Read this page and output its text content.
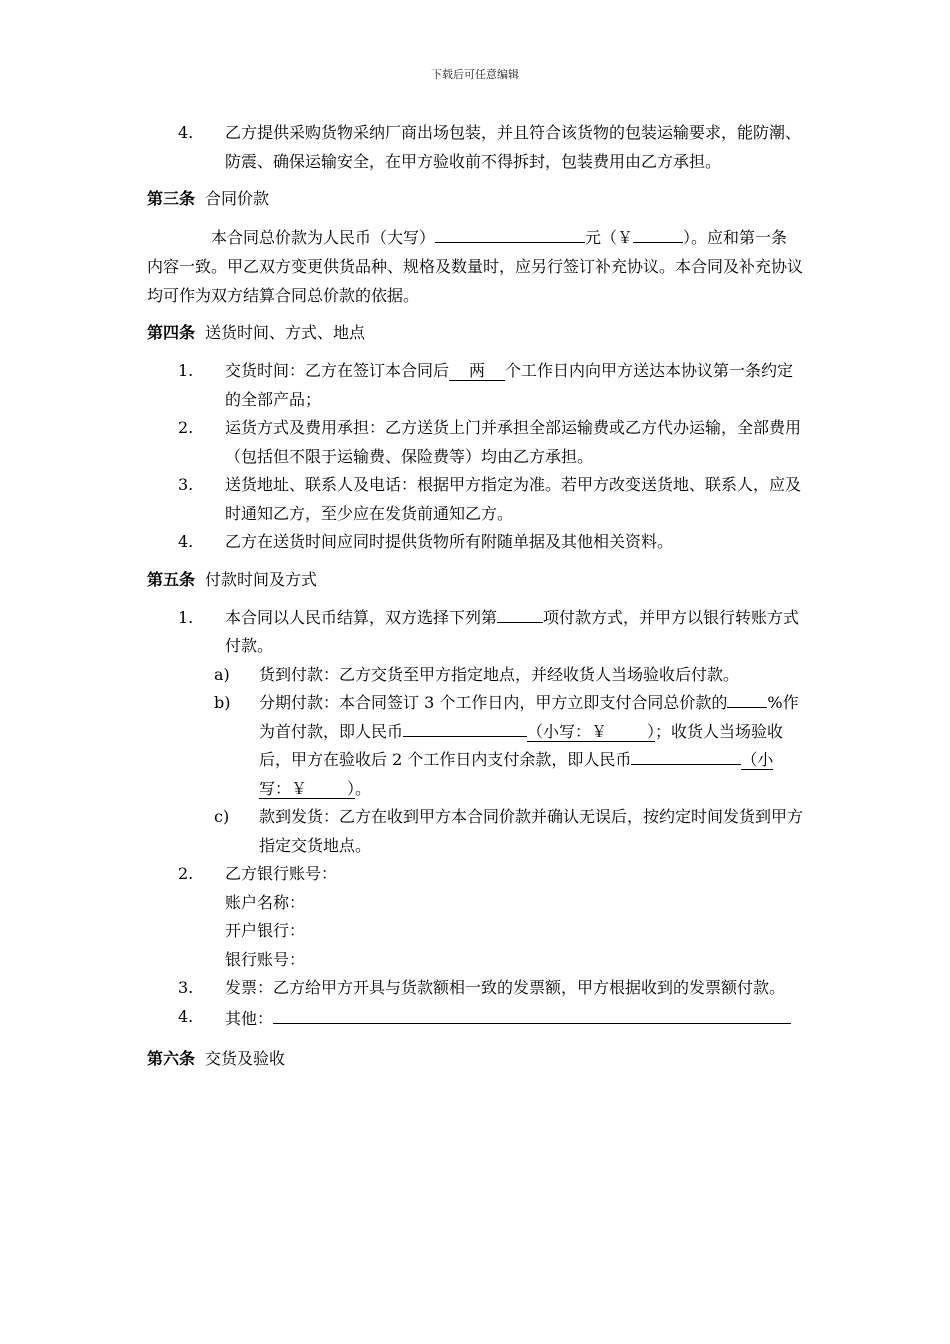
下载后可任意编辑
4. 乙方提供采购货物采纳厂商出场包装，并且符合该货物的包装运输要求，能防潮、防震、确保运输安全，在甲方验收前不得拆封，包装费用由乙方承担。
第三条 合同价款
本合同总价款为人民币（大写）	元（￥	）。应和第一条内容一致。甲乙双方变更供货品种、规格及数量时，应另行签订补充协议。本合同及补充协议均可作为双方结算合同总价款的依据。
第四条 送货时间、方式、地点
1. 交货时间：乙方在签订本合同后 两 个工作日内向甲方送达本协议第一条约定的全部产品；
2. 运货方式及费用承担：乙方送货上门并承担全部运输费或乙方代办运输，全部费用（包括但不限于运输费、保险费等）均由乙方承担。
3. 送货地址、联系人及电话：根据甲方指定为准。若甲方改变送货地、联系人，应及时通知乙方，至少应在发货前通知乙方。
4. 乙方在送货时间应同时提供货物所有附随单据及其他相关资料。
第五条 付款时间及方式
1. 本合同以人民币结算，双方选择下列第	项付款方式，并甲方以银行转账方式付款。
a) 货到付款：乙方交货至甲方指定地点，并经收货人当场验收后付款。
b) 分期付款：本合同签订 3 个工作日内，甲方立即支付合同总价款的	%作为首付款，即人民币	（小写：￥	）；收货人当场验收后，甲方在验收后 2 个工作日内支付余款，即人民币	（小写：￥	）。
c) 款到发货：乙方在收到甲方本合同价款并确认无误后，按约定时间发货到甲方指定交货地点。
2. 乙方银行账号：
账户名称：
开户银行：
银行账号：
3. 发票：乙方给甲方开具与货款额相一致的发票额，甲方根据收到的发票额付款。
4. 其他：
第六条 交货及验收
